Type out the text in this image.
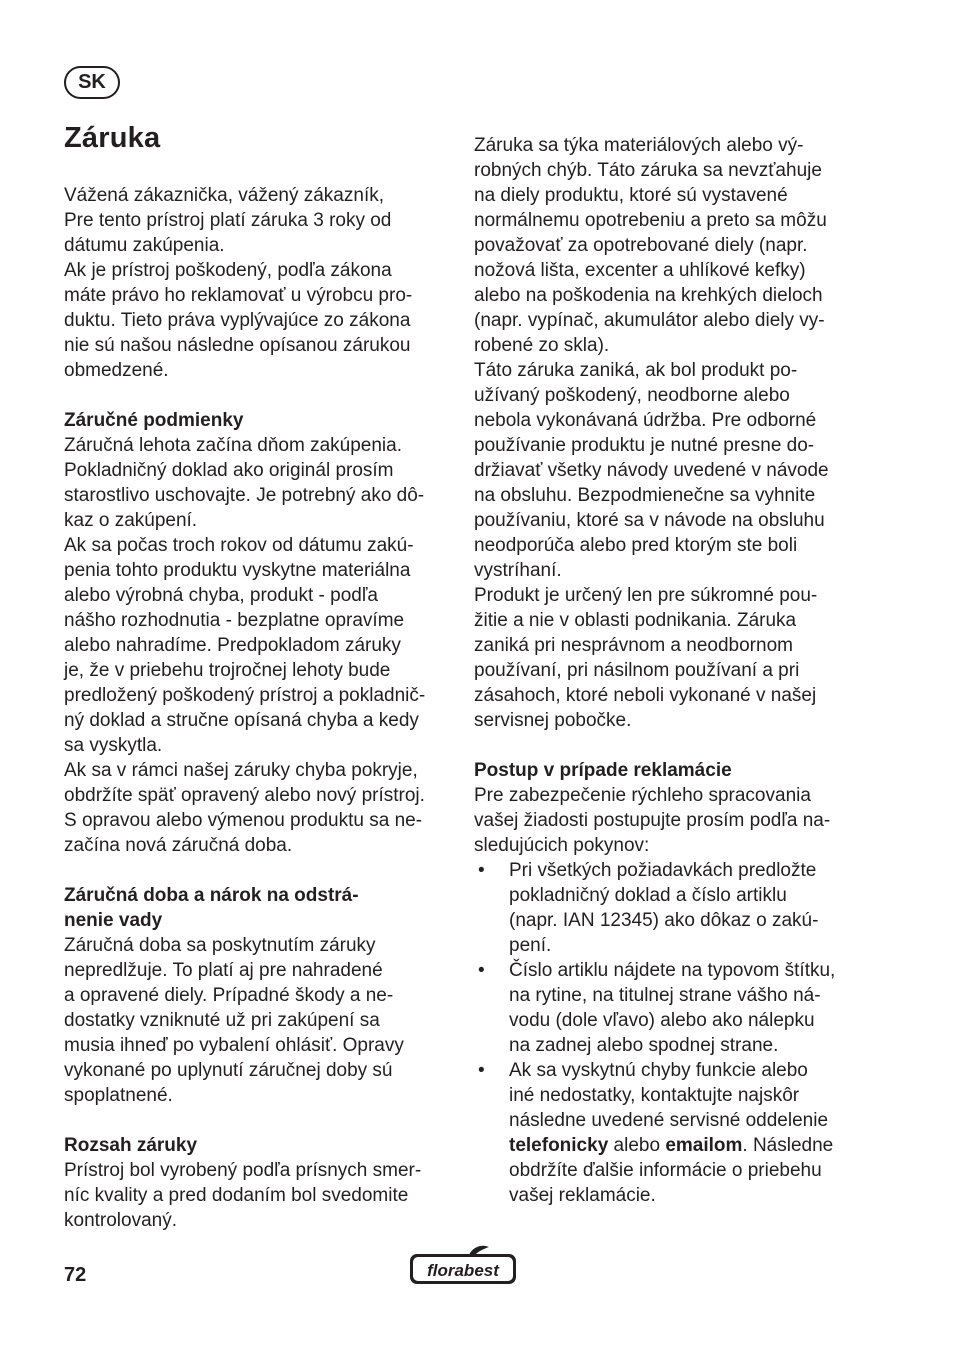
SK
Záruka

Vážená zákaznička, vážený zákazník,

Pre tento prístroj platí záruka 3 roky od

dátumu zakúpenia.

Ak je prístroj poškodený, podľa zákona

máte právo ho reklamovať u výrobcu pro-

duktu. Tieto práva vyplývajúce zo zákona

nie sú našou následne opísanou zárukou

obmedzené.

Záručné podmienky

Záručná lehota začína dňom zakúpenia.

Pokladničný doklad ako originál prosím

starostlivo uschovajte. Je potrebný ako dô-

kaz o zakúpení.

Ak sa počas troch rokov od dátumu zakú-

penia tohto produktu vyskytne materiálna

alebo výrobná chyba, produkt - podľa

nášho rozhodnutia - bezplatne opravíme

alebo nahradíme. Predpokladom záruky

je, že v priebehu trojročnej lehoty bude

predložený poškodený prístroj a pokladnič-

ný doklad a stručne opísaná chyba a kedy

sa vyskytla.

Ak sa v rámci našej záruky chyba pokryje,

obdržíte späť opravený alebo nový prístroj.

S opravou alebo výmenou produktu sa ne-

začína nová záručná doba.

Záručná doba a nárok na odstrá-
nenie vady

Záručná doba sa poskytnutím záruky

nepredlžuje. To platí aj pre nahradené

a opravené diely. Prípadné škody a ne-

dostatky vzniknuté už pri zakúpení sa

musia ihneď po vybalení ohlásiť. Opravy

vykonané po uplynutí záručnej doby sú

spoplatnené.

Rozsah záruky

Prístroj bol vyrobený podľa prísnych smer-

níc kvality a pred dodaním bol svedomite

kontrolovaný.

Záruka sa týka materiálových alebo vý-

robných chýb. Táto záruka sa nevzťahuje

na diely produktu, ktoré sú vystavené

normálnemu opotrebeniu a preto sa môžu

považovať za opotrebované diely (napr.

nožová lišta, excenter a uhlíkové kefky)

alebo na poškodenia na krehkých dieloch

(napr. vypínač, akumulátor alebo diely vy-

robené zo skla).

Táto záruka zaniká, ak bol produkt po-

užívaný poškodený, neodborne alebo

nebola vykonávaná údržba. Pre odborné

používanie produktu je nutné presne do-

držiavať všetky návody uvedené v návode

na obsluhu. Bezpodmienečne sa vyhnite

používaniu, ktoré sa v návode na obsluhu

neodporúča alebo pred ktorým ste boli

vystríhaní.

Produkt je určený len pre súkromné pou-

žitie a nie v oblasti podnikania. Záruka

zaniká pri nesprávnom a neodbornom

používaní, pri násilnom používaní a pri

zásahoch, ktoré neboli vykonané v našej

servisnej pobočke.

Postup v prípade reklamácie

Pre zabezpečenie rýchleho spracovania

vašej žiadosti postupujte prosím podľa na-

sledujúcich pokynov:

• Pri všetkých požiadavkách predložte
pokladničný doklad a číslo artiklu
(napr. IAN 12345) ako dôkaz o zakú-
pení.
• Číslo artiklu nájdete na typovom štítku,
na rytine, na titulnej strane vášho ná-
vodu (dole vľavo) alebo ako nálepku
na zadnej alebo spodnej strane.
• Ak sa vyskytnú chyby funkcie alebo
iné nedostatky, kontaktujte najskôr
následne uvedené servisné oddelenie
telefonicky alebo emailom. Následne
obdržíte ďalšie informácie o priebehu
vašej reklamácie.
72	florabest
